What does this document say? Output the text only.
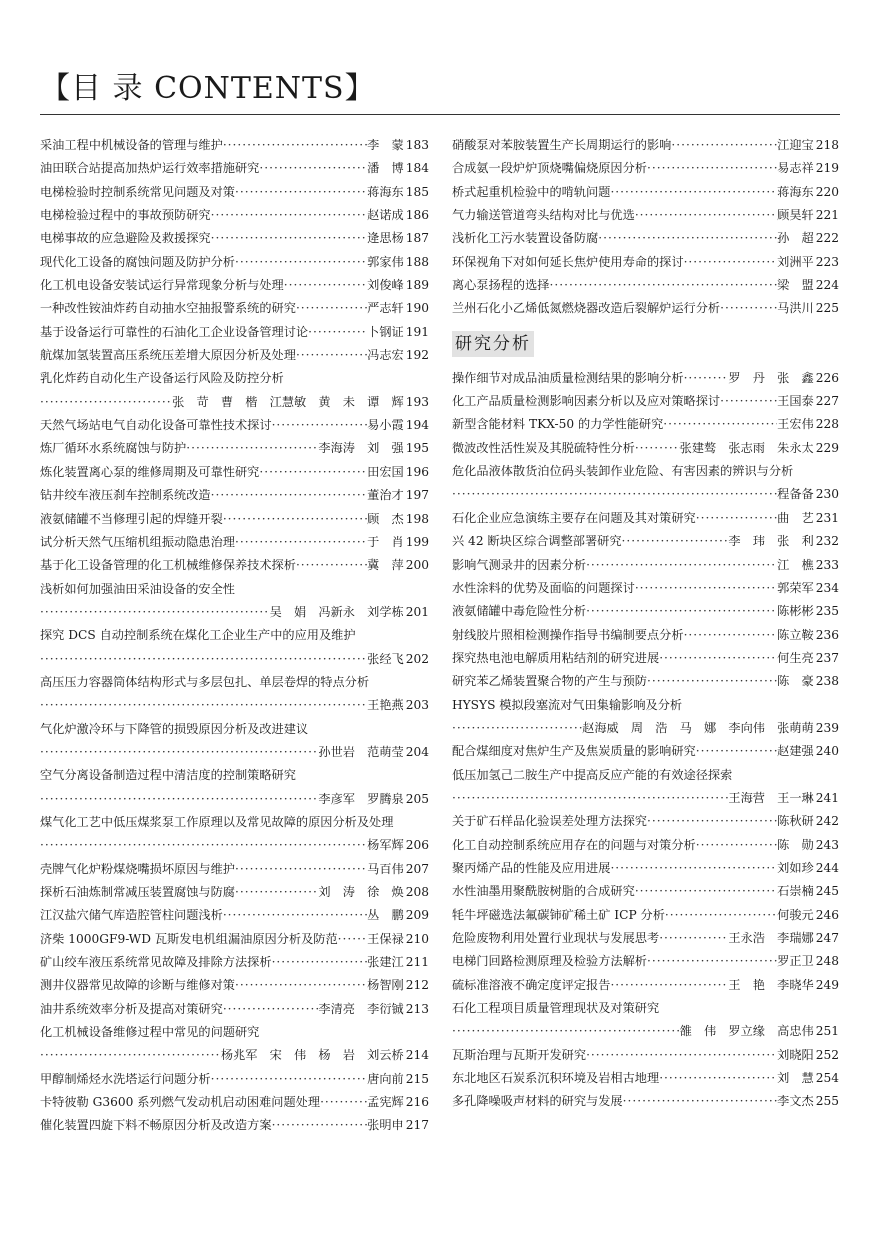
【目 录 CONTENTS】
采油工程中机械设备的管理与维护 ·····	李　蒙 183
油田联合站提高加热炉运行效率措施研究 ·····	潘　博 184
电梯检验时控制系统常见问题及对策 ·····	蒋海东 185
电梯检验过程中的事故预防研究 ·····	赵诺成 186
电梯事故的应急避险及救援探究 ·····	逄思杨 187
现代化工设备的腐蚀问题及防护分析 ·····	郭家伟 188
化工机电设备安装试运行异常现象分析与处理 ·····	刘俊峰 189
一种改性铵油炸药自动抽水空抽报警系统的研究 ·····	严志轩 190
基于设备运行可靠性的石油化工企业设备管理讨论 ·····	卜钢证 191
航煤加氢装置高压系统压差增大原因分析及处理 ·····	冯志宏 192
乳化炸药自动化生产设备运行风险及防控分析
·····
张　苛　曹　楷　江慧敏　黄　未　谭　辉 193
天然气场站电气自动化设备可靠性技术探讨 ·····	易小霞 194
炼厂循环水系统腐蚀与防护 ·····	李海涛　刘　强 195
炼化装置离心泵的维修周期及可靠性研究 ·····	田宏国 196
钻井绞车液压刹车控制系统改造 ·····	董治才 197
液氨储罐不当修理引起的焊缝开裂 ·····	顾　杰 198
试分析天然气压缩机组振动隐患治理 ·····	于　肖 199
基于化工设备管理的化工机械维修保养技术探析 ·····	冀　萍 200
浅析如何加强油田采油设备的安全性
·····
吴　娟　冯新永　刘学栋 201
探究 DCS 自动控制系统在煤化工企业生产中的应用及维护
·····
张经飞 202
高压压力容器筒体结构形式与多层包扎、单层卷焊的特点分析
·····
王艳燕 203
气化炉激冷环与下降管的损毁原因分析及改进建议
·····
孙世岩　范萌莹 204
空气分离设备制造过程中清洁度的控制策略研究
·····
李彦军　罗腾泉 205
煤气化工艺中低压煤浆泵工作原理以及常见故障的原因分析及处理
·····
杨军辉 206
壳牌气化炉粉煤烧嘴损坏原因与维护 ·····	马百伟 207
探析石油炼制常减压装置腐蚀与防腐 ·····	刘　涛　徐　焕 208
江汉盐穴储气库造腔管柱问题浅析 ·····	丛　鹏 209
济柴 1000GF9-WD 瓦斯发电机组漏油原因分析及防范 ····· 王保禄 210
矿山绞车液压系统常见故障及排除方法探析 ·····	张建江 211
测井仪器常见故障的诊断与维修对策 ·····	杨智刚 212
油井系统效率分析及提高对策研究 ·····	李清亮　李衍铖 213
化工机械设备维修过程中常见的问题研究
·····
杨兆军　宋　伟　杨　岩　刘云桥 214
甲醇制烯烃水洗塔运行问题分析 ·····	唐向前 215
卡特彼勒 G3600 系列燃气发动机启动困难问题处理 ·····	孟宪辉 216
催化装置四旋下料不畅原因分析及改造方案 ·····	张明申 217
硝酸泵对苯胺装置生产长周期运行的影响 ·····	江迎宝 218
合成氨一段炉炉顶烧嘴偏烧原因分析 ·····	易志祥 219
桥式起重机检验中的啃轨问题 ·····	蒋海东 220
气力输送管道弯头结构对比与优选 ·····	顾昊轩 221
浅析化工污水装置设备防腐 ·····	孙　超 222
环保视角下对如何延长焦炉使用寿命的探讨 ·····	刘洲平 223
离心泵扬程的选择 ·····	梁　盟 224
兰州石化小乙烯低氮燃烧器改造后裂解炉运行分析 ·····	马洪川 225
研究分析
操作细节对成品油质量检测结果的影响分析 ·····	罗　丹　张　鑫 226
化工产品质量检测影响因素分析以及应对策略探讨 ·····	王国泰 227
新型含能材料 TKX-50 的力学性能研究 ·····	王宏伟 228
微波改性活性炭及其脱硫特性分析 ·····	张建骜　张志雨　朱永太 229
危化品液体散货泊位码头装卸作业危险、有害因素的辨识与分析
·····
程备备 230
石化企业应急演练主要存在问题及其对策研究 ·····	曲　艺 231
兴 42 断块区综合调整部署研究 ·····	李　玮　张　利 232
影响气测录井的因素分析 ·····	江　樵 233
水性涂料的优势及面临的问题探讨 ·····	郭荣军 234
液氨储罐中毒危险性分析 ·····	陈彬彬 235
射线胶片照相检测操作指导书编制要点分析 ·····	陈立鞍 236
探究热电池电解质用粘结剂的研究进展 ·····	何生亮 237
研究苯乙烯装置聚合物的产生与预防 ·····	陈　豪 238
HYSYS 模拟段塞流对气田集输影响及分析
·····
赵海威　周　浩　马　娜　李向伟　张萌萌 239
配合煤细度对焦炉生产及焦炭质量的影响研究 ·····	赵建强 240
低压加氢己二胺生产中提高反应产能的有效途径探索
·····
王海营　王一琳 241
关于矿石样品化验误差处理方法探究 ·····	陈秋研 242
化工自动控制系统应用存在的问题与对策分析 ·····	陈　勋 243
聚丙烯产品的性能及应用进展 ·····	刘如珍 244
水性油墨用聚酰胺树脂的合成研究 ·····	石崇楠 245
牦牛坪磁选法氟碳铈矿稀土矿 ICP 分析 ·····	何骏元 246
危险废物利用处置行业现状与发展思考 ·····	王永浩　李瑞娜 247
电梯门回路检测原理及检验方法解析 ·····	罗正卫 248
硫标准溶液不确定度评定报告 ·····	王　艳　李晓华 249
石化工程项目质量管理现状及对策研究
·····
雒　伟　罗立缘　高忠伟 251
瓦斯治理与瓦斯开发研究 ·····	刘晓阳 252
东北地区石炭系沉积环境及岩相古地理 ·····	刘　慧 254
多孔降噪吸声材料的研究与发展 ·····	李文杰 255
